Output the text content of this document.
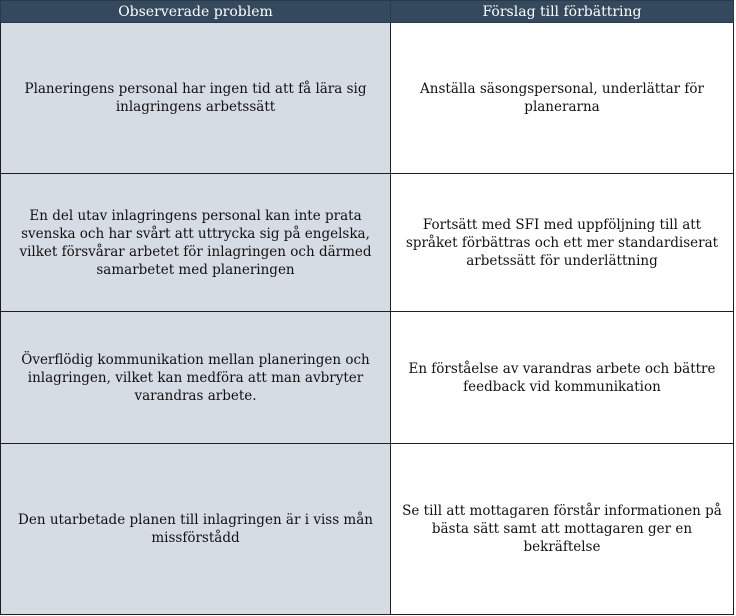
Observerade problem	Förslag till förbättring
Planeringens personal har ingen tid att få lära sig inlagringens arbetssätt	Anställa säsongspersonal, underlättar för planerarna
En del utav inlagringens personal kan inte prata svenska och har svårt att uttrycka sig på engelska, vilket försvårar arbetet för inlagringen och därmed samarbetet med planeringen	Fortsätt med SFI med uppföljning till att språket förbättras och ett mer standardiserat arbetssätt för underlättning
Överflödig kommunikation mellan planeringen och inlagringen, vilket kan medföra att man avbryter varandras arbete.	En förståelse av varandras arbete och bättre feedback vid kommunikation
Den utarbetade planen till inlagringen är i viss mån missförstådd	Se till att mottagaren förstår informationen på bästa sätt samt att mottagaren ger en bekräftelse
